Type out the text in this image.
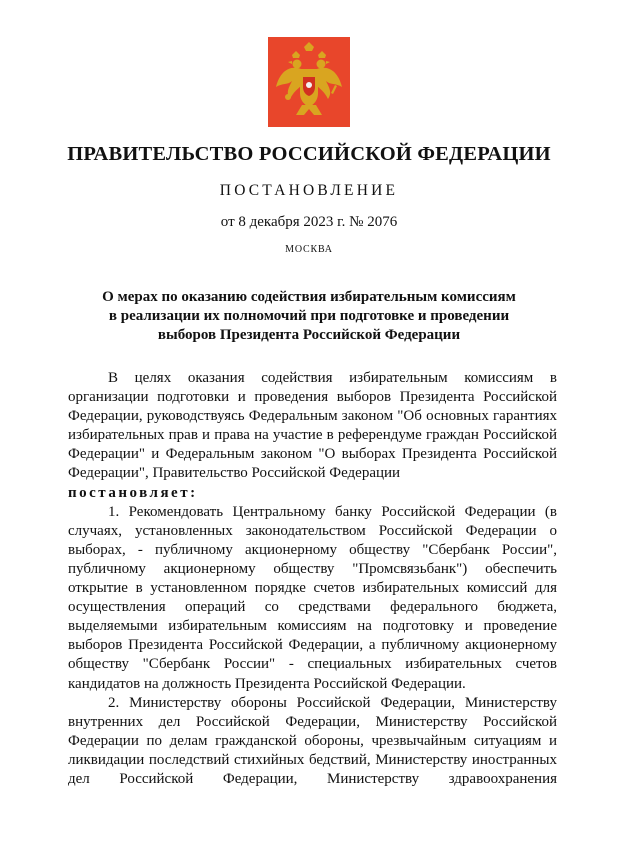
ПРАВИТЕЛЬСТВО РОССИЙСКОЙ ФЕДЕРАЦИИ
ПОСТАНОВЛЕНИЕ
от 8 декабря 2023 г. № 2076
МОСКВА
О мерах по оказанию содействия избирательным комиссиям
в реализации их полномочий при подготовке и проведении
выборов Президента Российской Федерации

В целях оказания содействия избирательным комиссиям в организации подготовки и проведения выборов Президента Российской Федерации, руководствуясь Федеральным законом "Об основных гарантиях избирательных прав и права на участие в референдуме граждан Российской Федерации" и Федеральным законом "О выборах Президента Российской Федерации", Правительство Российской Федерации

постановляет:

1. Рекомендовать Центральному банку Российской Федерации (в случаях, установленных законодательством Российской Федерации о выборах, - публичному акционерному обществу "Сбербанк России", публичному акционерному обществу "Промсвязьбанк") обеспечить открытие в установленном порядке счетов избирательных комиссий для осуществления операций со средствами федерального бюджета, выделяемыми избирательным комиссиям на подготовку и проведение выборов Президента Российской Федерации, а публичному акционерному обществу "Сбербанк России" - специальных избирательных счетов кандидатов на должность Президента Российской Федерации.

2. Министерству обороны Российской Федерации, Министерству внутренних дел Российской Федерации, Министерству Российской Федерации по делам гражданской обороны, чрезвычайным ситуациям и ликвидации последствий стихийных бедствий, Министерству иностранных дел Российской Федерации, Министерству здравоохранения
